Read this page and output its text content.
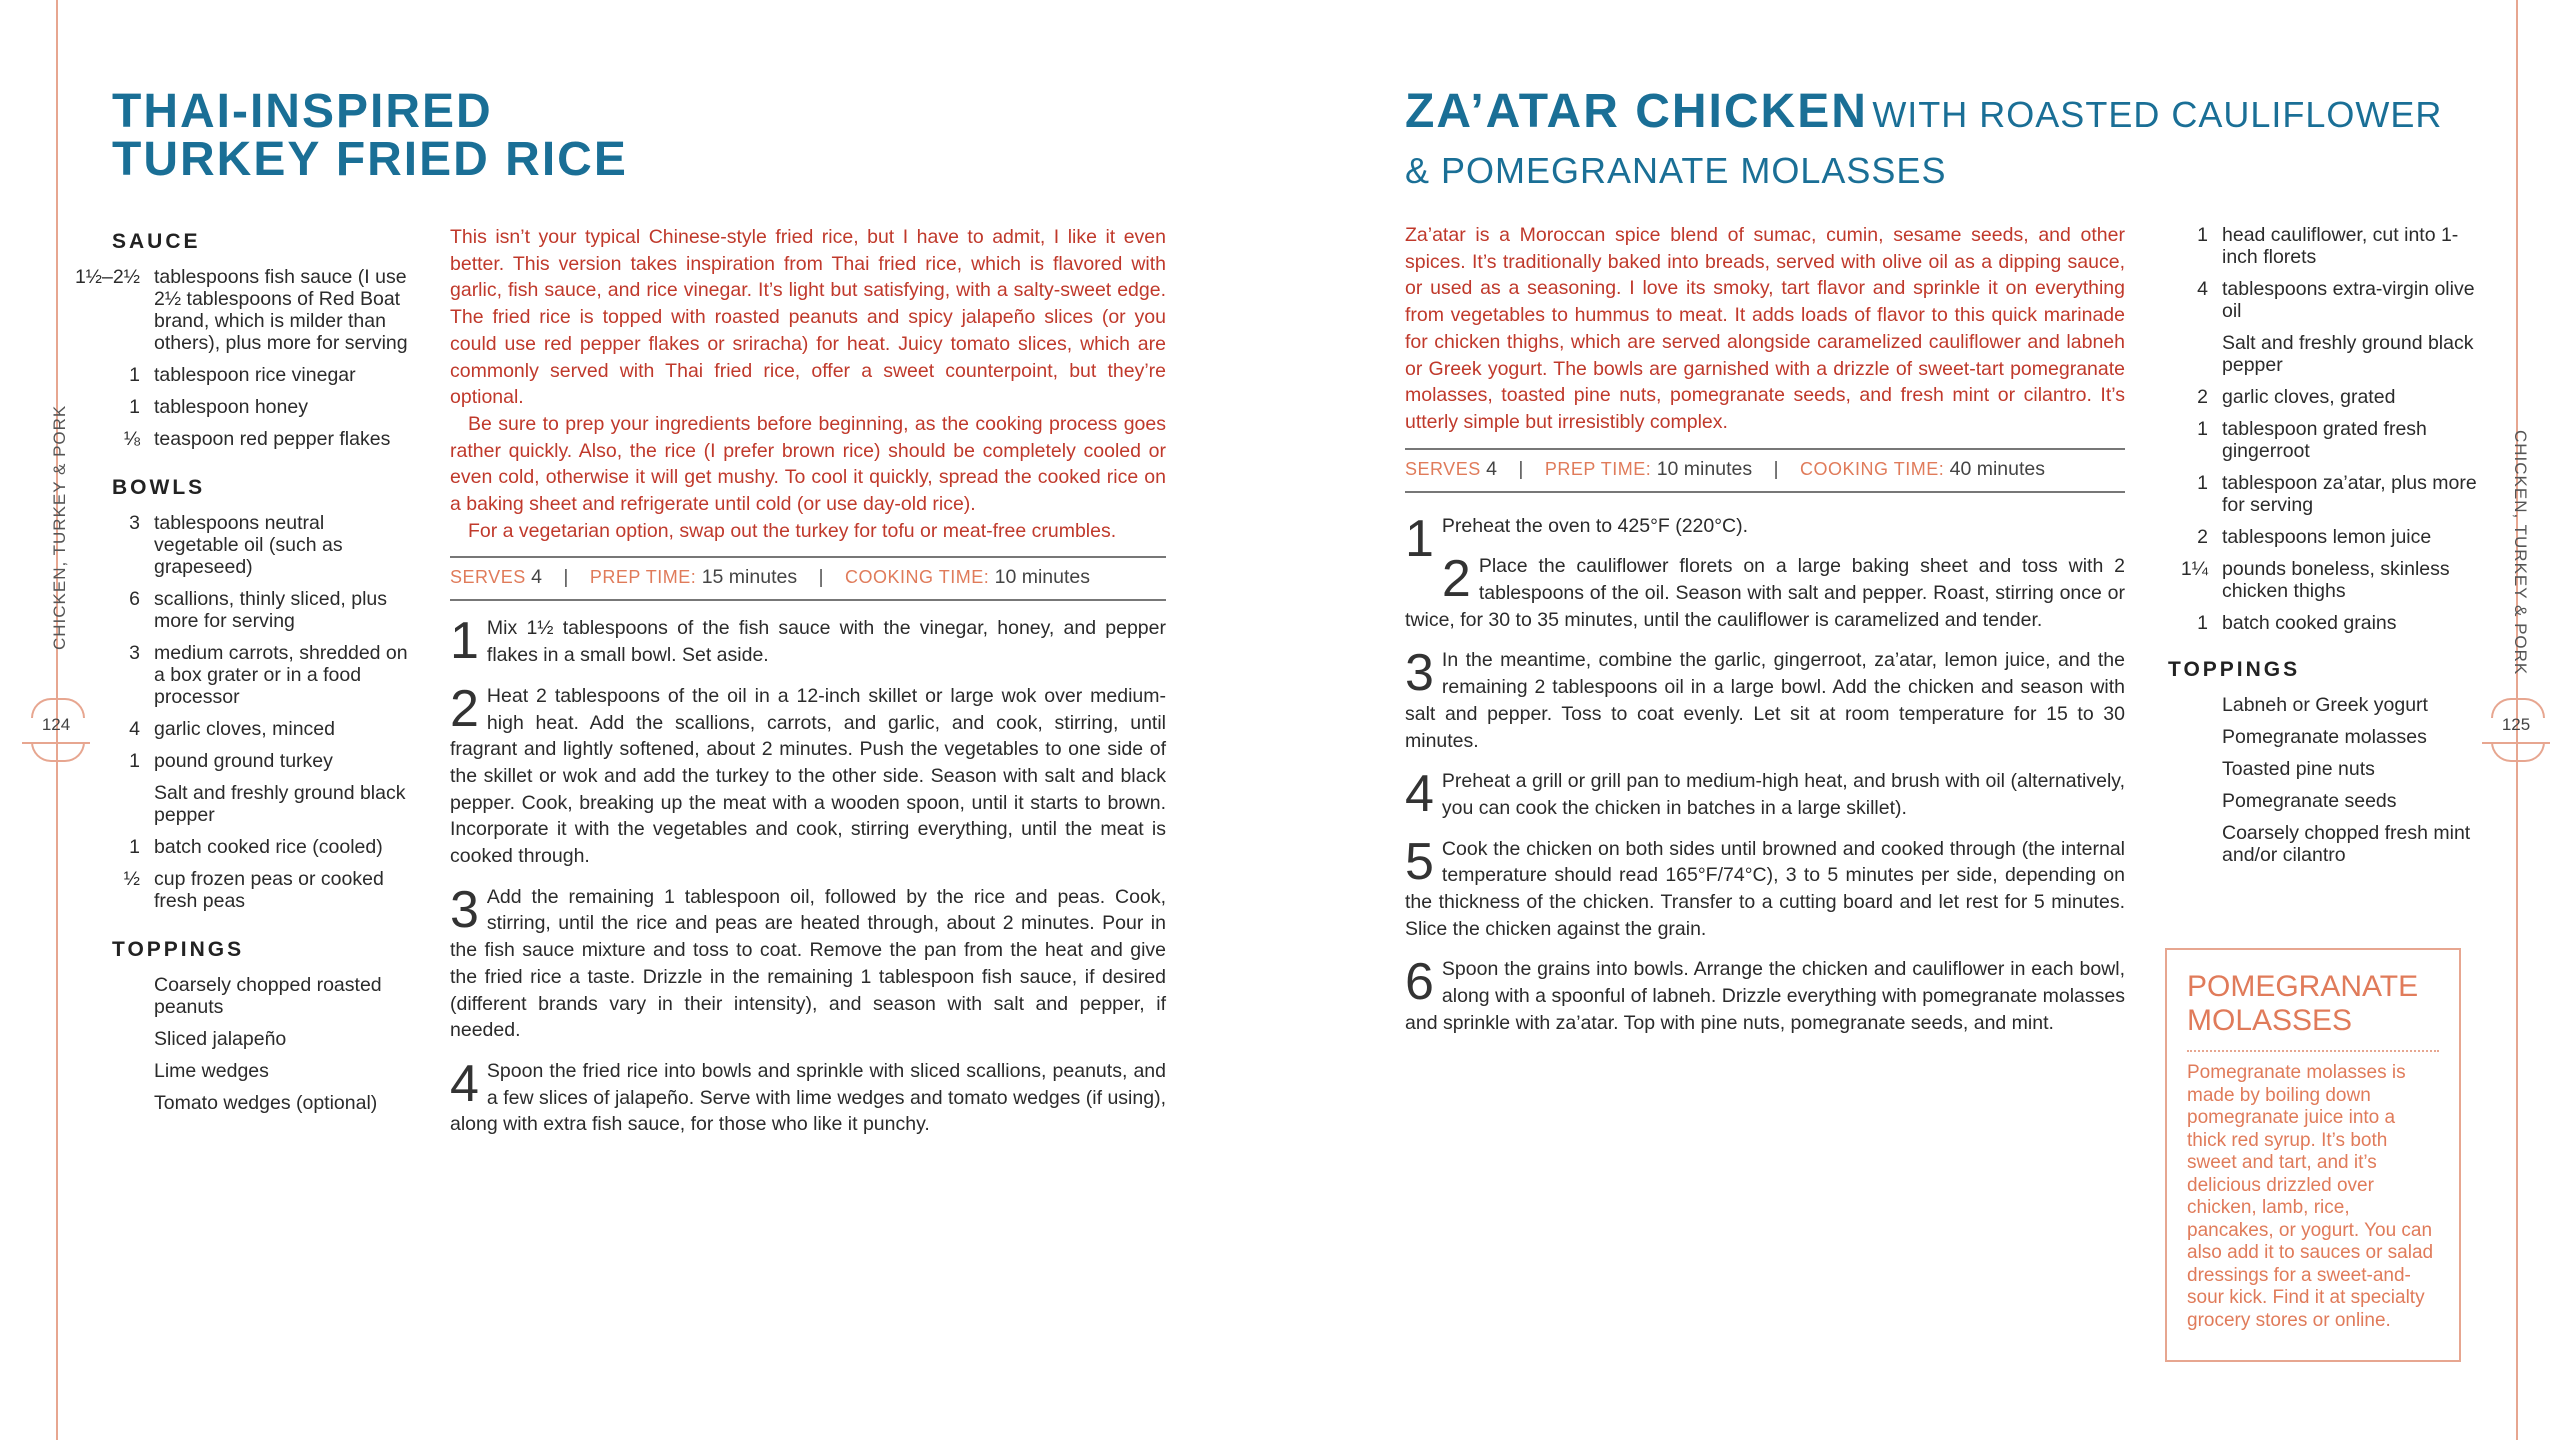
CHICKEN, TURKEY & PORK
124
CHICKEN, TURKEY & PORK
125
THAI-INSPIRED
TURKEY FRIED RICE
SAUCE
1½–2½ tablespoons fish sauce (I use 2½ tablespoons of Red Boat brand, which is milder than others), plus more for serving
1 tablespoon rice vinegar
1 tablespoon honey
⅛ teaspoon red pepper flakes
BOWLS
3 tablespoons neutral vegetable oil (such as grapeseed)
6 scallions, thinly sliced, plus more for serving
3 medium carrots, shredded on a box grater or in a food processor
4 garlic cloves, minced
1 pound ground turkey
Salt and freshly ground black pepper
1 batch cooked rice (cooled)
½ cup frozen peas or cooked fresh peas
TOPPINGS
Coarsely chopped roasted peanuts
Sliced jalapeño
Lime wedges
Tomato wedges (optional)

This isn’t your typical Chinese-style fried rice, but I have to admit, I like it even better. This version takes inspiration from Thai fried rice, which is flavored with garlic, fish sauce, and rice vinegar. It’s light but satisfying, with a salty-sweet edge. The fried rice is topped with roasted peanuts and spicy jalapeño slices (or you could use red pepper flakes or sriracha) for heat. Juicy tomato slices, which are commonly served with Thai fried rice, offer a sweet counterpoint, but they’re optional.

Be sure to prep your ingredients before beginning, as the cooking process goes rather quickly. Also, the rice (I prefer brown rice) should be completely cooled or even cold, otherwise it will get mushy. To cool it quickly, spread the cooked rice on a baking sheet and refrigerate until cold (or use day-old rice).

For a vegetarian option, swap out the turkey for tofu or meat-free crumbles.

SERVES 4 | PREP TIME: 15 minutes | COOKING TIME: 10 minutes
1 Mix 1½ tablespoons of the fish sauce with the vinegar, honey, and pepper flakes in a small bowl. Set aside.
2 Heat 2 tablespoons of the oil in a 12-inch skillet or large wok over medium-high heat. Add the scallions, carrots, and garlic, and cook, stirring, until fragrant and lightly softened, about 2 minutes. Push the vegetables to one side of the skillet or wok and add the turkey to the other side. Season with salt and black pepper. Cook, breaking up the meat with a wooden spoon, until it starts to brown. Incorporate it with the vegetables and cook, stirring everything, until the meat is cooked through.
3 Add the remaining 1 tablespoon oil, followed by the rice and peas. Cook, stirring, until the rice and peas are heated through, about 2 minutes. Pour in the fish sauce mixture and toss to coat. Remove the pan from the heat and give the fried rice a taste. Drizzle in the remaining 1 tablespoon fish sauce, if desired (different brands vary in their intensity), and season with salt and pepper, if needed.
4 Spoon the fried rice into bowls and sprinkle with sliced scallions, peanuts, and a few slices of jalapeño. Serve with lime wedges and tomato wedges (if using), along with extra fish sauce, for those who like it punchy.
ZA’ATAR CHICKEN WITH ROASTED CAULIFLOWER
& POMEGRANATE MOLASSES

Za’atar is a Moroccan spice blend of sumac, cumin, sesame seeds, and other spices. It’s traditionally baked into breads, served with olive oil as a dipping sauce, or used as a seasoning. I love its smoky, tart flavor and sprinkle it on everything from vegetables to hummus to meat. It adds loads of flavor to this quick marinade for chicken thighs, which are served alongside caramelized cauliflower and labneh or Greek yogurt. The bowls are garnished with a drizzle of sweet-tart pomegranate molasses, toasted pine nuts, pomegranate seeds, and fresh mint or cilantro. It’s utterly simple but irresistibly complex.

SERVES 4 | PREP TIME: 10 minutes | COOKING TIME: 40 minutes
1 Preheat the oven to 425°F (220°C).
2 Place the cauliflower florets on a large baking sheet and toss with 2 tablespoons of the oil. Season with salt and pepper. Roast, stirring once or twice, for 30 to 35 minutes, until the cauliflower is caramelized and tender.
3 In the meantime, combine the garlic, gingerroot, za’atar, lemon juice, and the remaining 2 tablespoons oil in a large bowl. Add the chicken and season with salt and pepper. Toss to coat evenly. Let sit at room temperature for 15 to 30 minutes.
4 Preheat a grill or grill pan to medium-high heat, and brush with oil (alternatively, you can cook the chicken in batches in a large skillet).
5 Cook the chicken on both sides until browned and cooked through (the internal temperature should read 165°F/74°C), 3 to 5 minutes per side, depending on the thickness of the chicken. Transfer to a cutting board and let rest for 5 minutes. Slice the chicken against the grain.
6 Spoon the grains into bowls. Arrange the chicken and cauliflower in each bowl, along with a spoonful of labneh. Drizzle everything with pomegranate molasses and sprinkle with za’atar. Top with pine nuts, pomegranate seeds, and mint.
1 head cauliflower, cut into 1-inch florets
4 tablespoons extra-virgin olive oil
Salt and freshly ground black pepper
2 garlic cloves, grated
1 tablespoon grated fresh gingerroot
1 tablespoon za’atar, plus more for serving
2 tablespoons lemon juice
1¼ pounds boneless, skinless chicken thighs
1 batch cooked grains
TOPPINGS
Labneh or Greek yogurt
Pomegranate molasses
Toasted pine nuts
Pomegranate seeds
Coarsely chopped fresh mint and/or cilantro
POMEGRANATE
MOLASSES
Pomegranate molasses is made by boiling down pomegranate juice into a thick red syrup. It’s both sweet and tart, and it’s delicious drizzled over chicken, lamb, rice, pancakes, or yogurt. You can also add it to sauces or salad dressings for a sweet-and-sour kick. Find it at specialty grocery stores or online.
